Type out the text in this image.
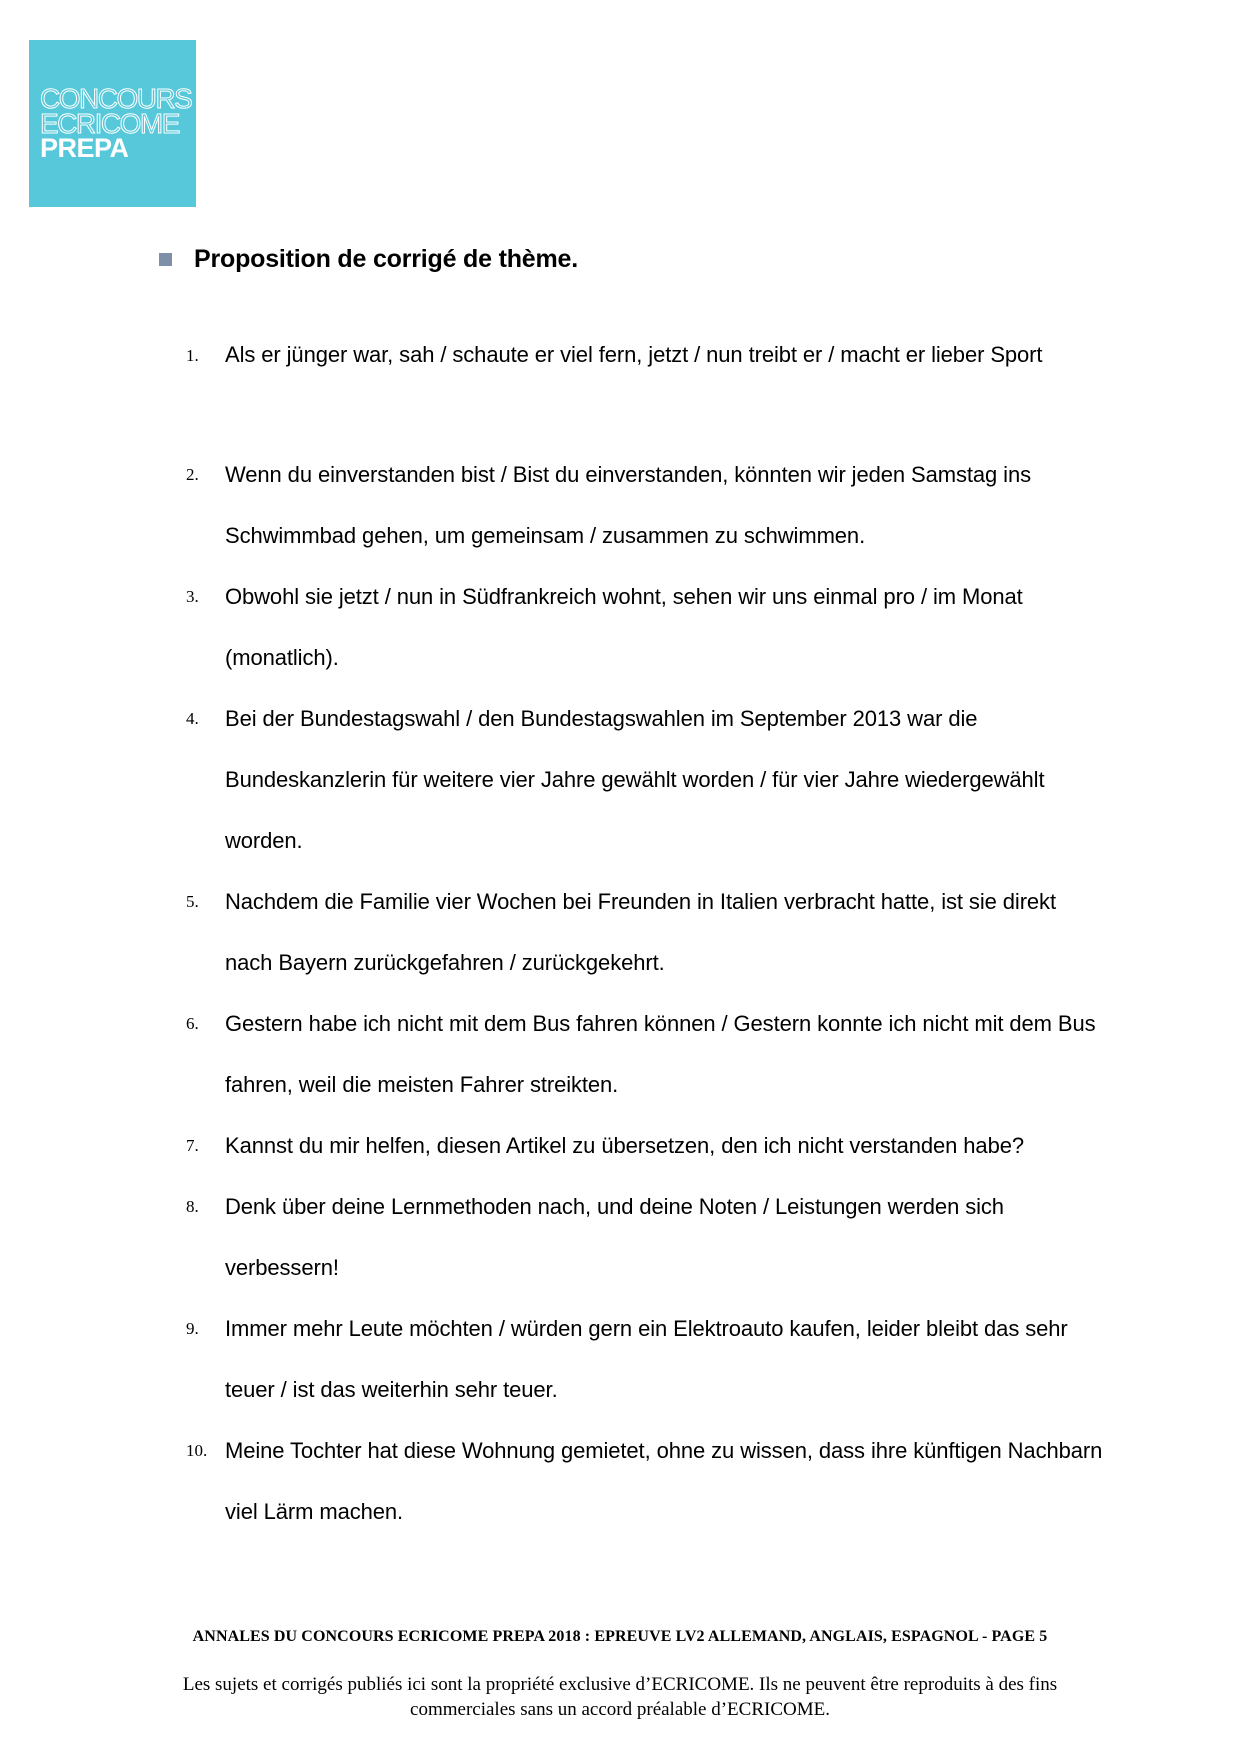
CONCOURS
ECRICOME
PREPA
Proposition de corrigé de thème.
1.	Als er jünger war, sah / schaute er viel fern, jetzt / nun treibt er / macht er lieber Sport
2.	Wenn du einverstanden bist / Bist du einverstanden, könnten wir jeden Samstag ins Schwimmbad gehen, um gemeinsam / zusammen zu schwimmen.
3.	Obwohl sie jetzt / nun in Südfrankreich wohnt, sehen wir uns einmal pro / im Monat (monatlich).
4.	Bei der Bundestagswahl / den Bundestagswahlen im September 2013 war die Bundeskanzlerin für weitere vier Jahre gewählt worden / für vier Jahre wiedergewählt worden.
5.	Nachdem die Familie vier Wochen bei Freunden in Italien verbracht hatte, ist sie direkt nach Bayern zurückgefahren / zurückgekehrt.
6.	Gestern habe ich nicht mit dem Bus fahren können / Gestern konnte ich nicht mit dem Bus fahren, weil die meisten Fahrer streikten.
7.	Kannst du mir helfen, diesen Artikel zu übersetzen, den ich nicht verstanden habe?
8.	Denk über deine Lernmethoden nach, und deine Noten / Leistungen werden sich verbessern!
9.	Immer mehr Leute möchten / würden gern ein Elektroauto kaufen, leider bleibt das sehr teuer / ist das weiterhin sehr teuer.
10. Meine Tochter hat diese Wohnung gemietet, ohne zu wissen, dass ihre künftigen Nachbarn viel Lärm machen.
ANNALES DU CONCOURS ECRICOME PREPA 2018 : EPREUVE LV2 ALLEMAND, ANGLAIS, ESPAGNOL - PAGE 5
Les sujets et corrigés publiés ici sont la propriété exclusive d’ECRICOME. Ils ne peuvent être reproduits à des fins commerciales sans un accord préalable d’ECRICOME.
